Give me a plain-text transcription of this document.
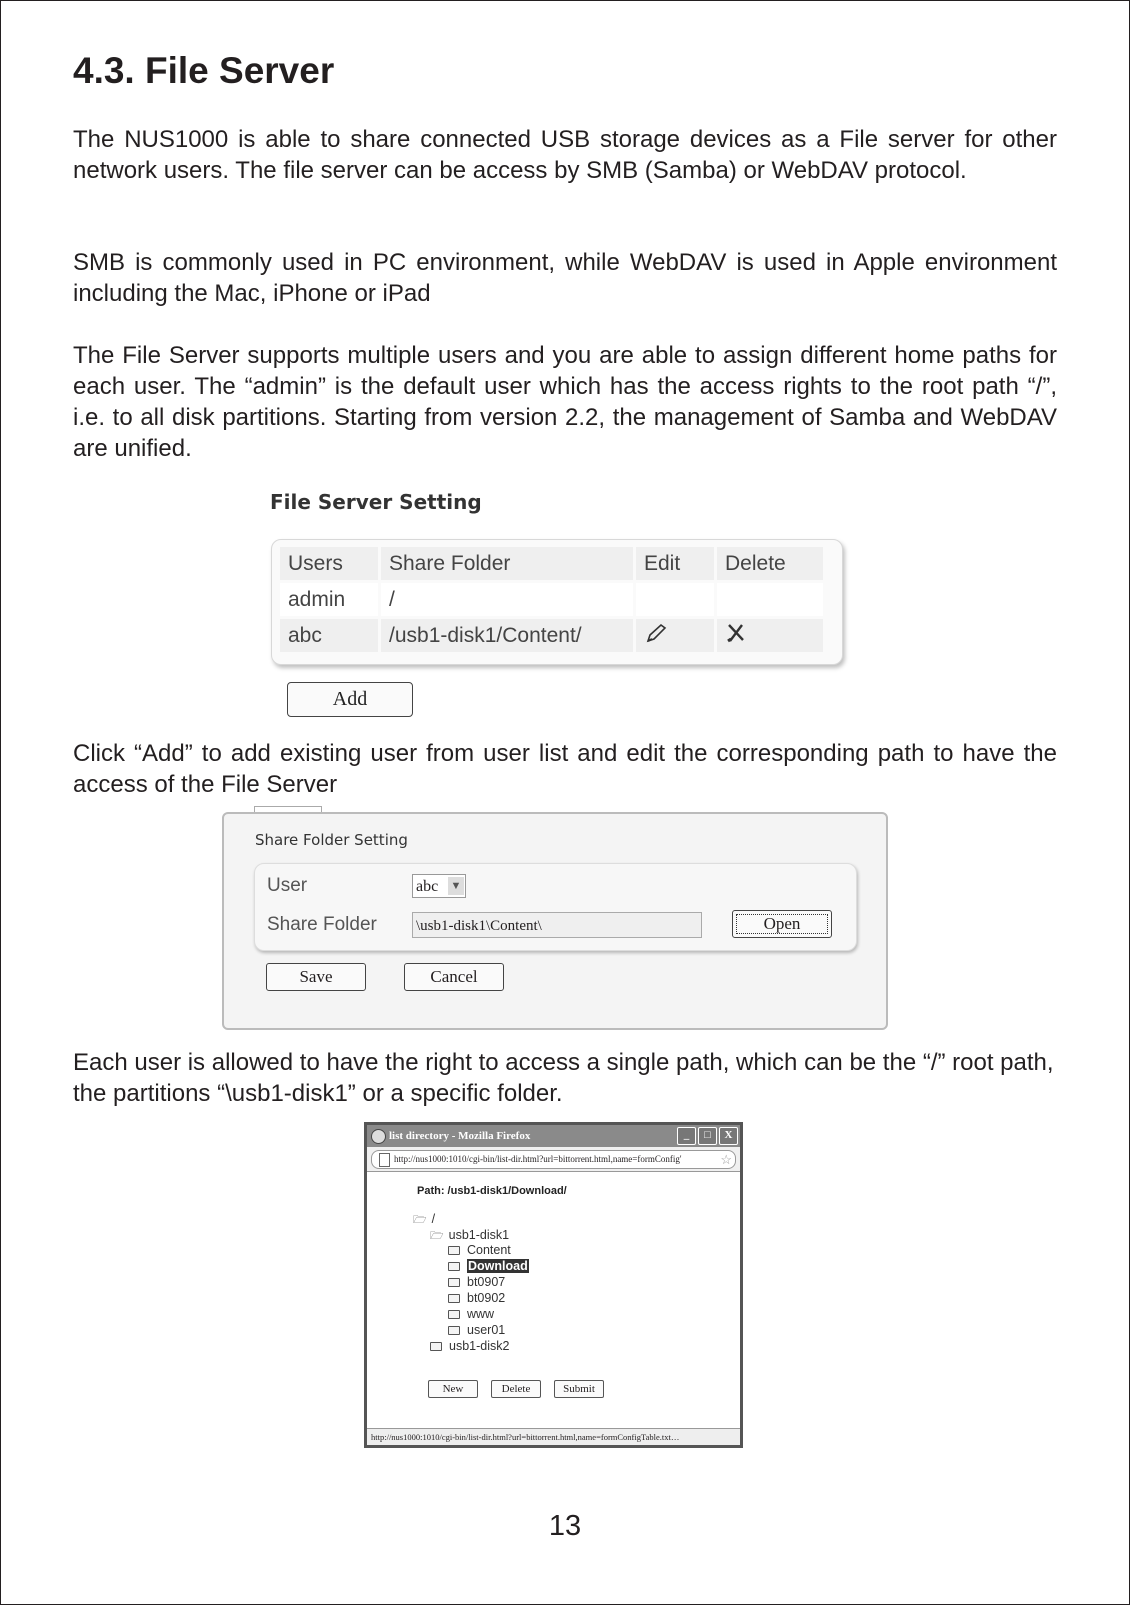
4.3. File Server

The NUS1000 is able to share connected USB storage devices as a File server for other network users. The file server can be access by SMB (Samba) or WebDAV protocol.

SMB is commonly used in PC environment, while WebDAV is used in Apple environment including the Mac, iPhone or iPad

The File Server supports multiple users and you are able to assign different home paths for each user. The “admin” is the default user which has the access rights to the root path “/”, i.e. to all disk partitions. Starting from version 2.2, the management of Samba and WebDAV are unified.

File Server Setting
Users	Share Folder	Edit	Delete
admin	/		
abc	/usb1-disk1/Content/		
Add

Click “Add” to add existing user from user list and edit the corresponding path to have the access of the File Server

Share Folder Setting
User	abc ▼
Share Folder	\usb1-disk1\Content\	Open
Save	Cancel

Each user is allowed to have the right to access a single path, which can be the “/” root path, the partitions “\usb1-disk1” or a specific folder.

list directory - Mozilla Firefox	_	□	X
http://nus1000:1010/cgi-bin/list-dir.html?url=bittorrent.html,name=formConfig'	☆
Path: /usb1-disk1/Download/
🗁 /
🗁 usb1-disk1
Content
Download
bt0907
bt0902
www
user01
usb1-disk2
New	Delete	Submit
http://nus1000:1010/cgi-bin/list-dir.html?url=bittorrent.html,name=formConfigTable.txt…
13
